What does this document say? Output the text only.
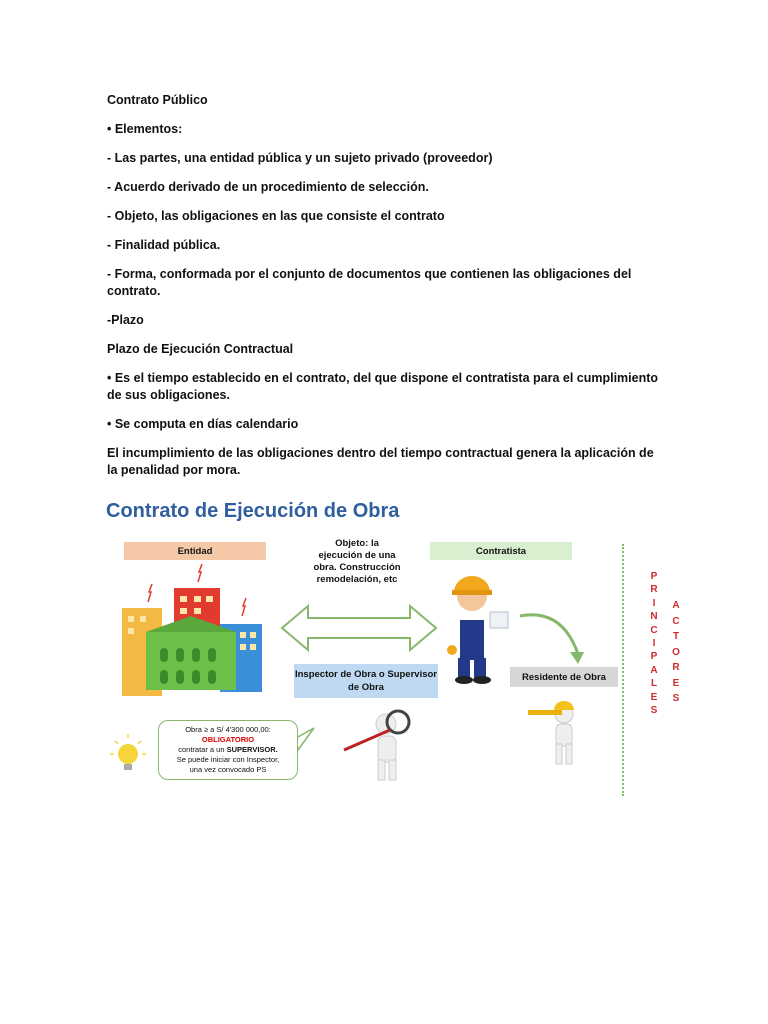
Contrato Público

• Elementos:

- Las partes, una entidad pública y un sujeto privado (proveedor)

- Acuerdo derivado de un procedimiento de selección.

- Objeto, las obligaciones en las que consiste el contrato

- Finalidad pública.

- Forma, conformada por el conjunto de documentos que contienen las obligaciones del contrato.

-Plazo

Plazo de Ejecución Contractual

• Es el tiempo establecido en el contrato, del que dispone el contratista para el cumplimiento de sus obligaciones.

• Se computa en días calendario

El incumplimiento de las obligaciones dentro del tiempo contractual genera la aplicación de la penalidad por mora.

Contrato de Ejecución de Obra
Entidad	Contratista
Objeto: la ejecución de una obra. Construcción remodelación, etc
Inspector de Obra o Supervisor de Obra
Residente de Obra
Obra ≥ a S/ 4'300 000,00:
OBLIGATORIO
contratar a un SUPERVISOR.
Se puede iniciar con Inspector,
una vez convocado PS
P
R
I
N
C
I
P
A
L
E
S
A
C
T
O
R
E
S
